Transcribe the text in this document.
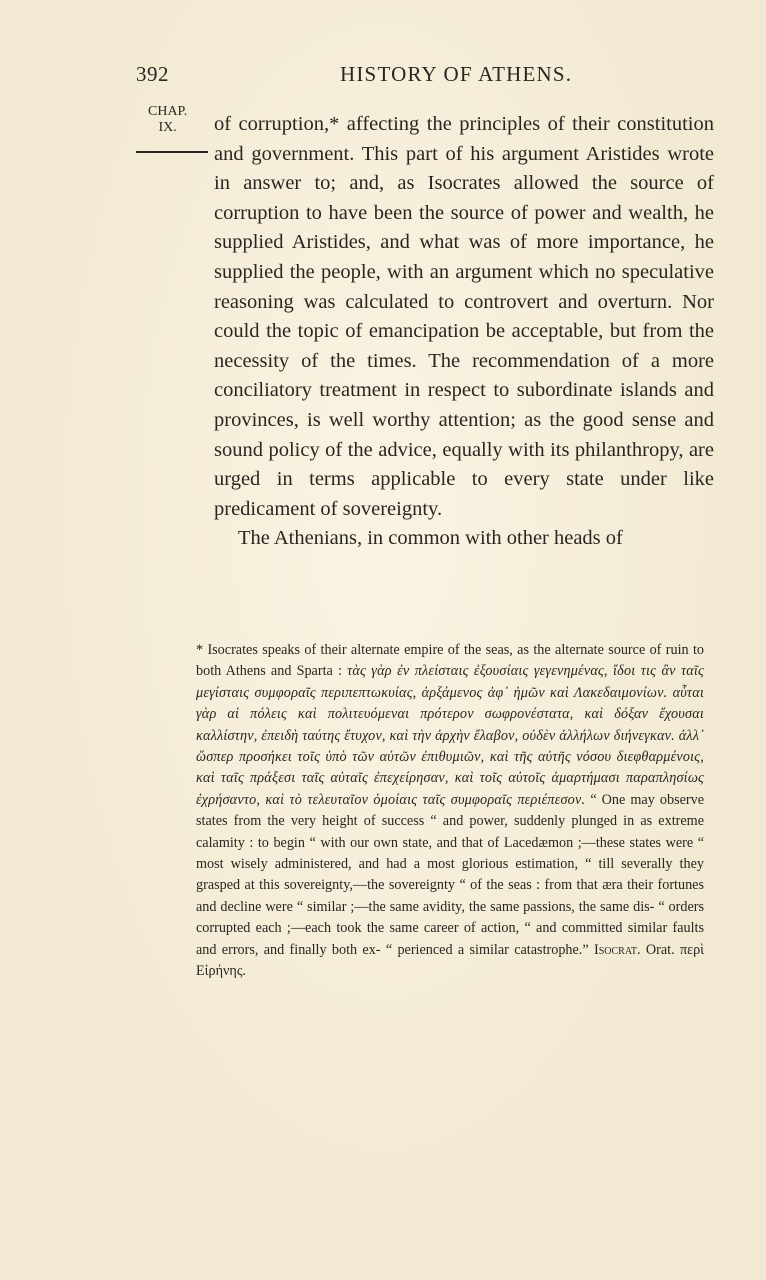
392	HISTORY OF ATHENS.
CHAP.
IX.	of corruption,* affecting the principles of their constitution and government. This part of his argument Aristides wrote in answer to; and, as Isocrates allowed the source of corruption to have been the source of power and wealth, he supplied Aristides, and what was of more importance, he supplied the people, with an argument which no speculative reasoning was calculated to controvert and overturn. Nor could the topic of emancipation be acceptable, but from the necessity of the times. The recommendation of a more conciliatory treatment in respect to subordinate islands and provinces, is well worthy attention; as the good sense and sound policy of the advice, equally with its philanthropy, are urged in terms applicable to every state under like predicament of sovereignty.

The Athenians, in common with other heads of

* Isocrates speaks of their alternate empire of the seas, as the alternate source of ruin to both Athens and Sparta : τὰς γὰρ ἐν πλείσταις ἐξουσίαις γεγενημένας, ἴδοι τις ἂν ταῖς μεγίσταις συμφοραῖς περιπεπτωκυίας, ἀρξάμενος ἀφ᾽ ἡμῶν καὶ Λακεδαιμονίων. αὗται γὰρ αἱ πόλεις καὶ πολιτευόμεναι πρότερον σωφρονέστατα, καὶ δόξαν ἔχουσαι καλλίστην, ἐπειδὴ ταύτης ἔτυχον, καὶ τὴν ἀρχὴν ἔλαβον, οὐδὲν ἀλλήλων διήνεγκαν. ἀλλ᾽ ὥσπερ προσήκει τοῖς ὑπὸ τῶν αὐτῶν ἐπιθυμιῶν, καὶ τῆς αὐτῆς νόσου διεφθαρμένοις, καὶ ταῖς πράξεσι ταῖς αὐταῖς ἐπεχείρησαν, καὶ τοῖς αὐτοῖς ἁμαρτήμασι παραπλησίως ἐχρήσαντο, καὶ τὸ τελευταῖον ὁμοίαις ταῖς συμφοραῖς περιέπεσον. “ One may observe states from the very height of success “ and power, suddenly plunged in as extreme calamity : to begin “ with our own state, and that of Lacedæmon ;—these states were “ most wisely administered, and had a most glorious estimation, “ till severally they grasped at this sovereignty,—the sovereignty “ of the seas : from that æra their fortunes and decline were “ similar ;—the same avidity, the same passions, the same dis- “ orders corrupted each ;—each took the same career of action, “ and committed similar faults and errors, and finally both ex- “ perienced a similar catastrophe.” Isocrat. Orat. περὶ Εἰρήνης.
